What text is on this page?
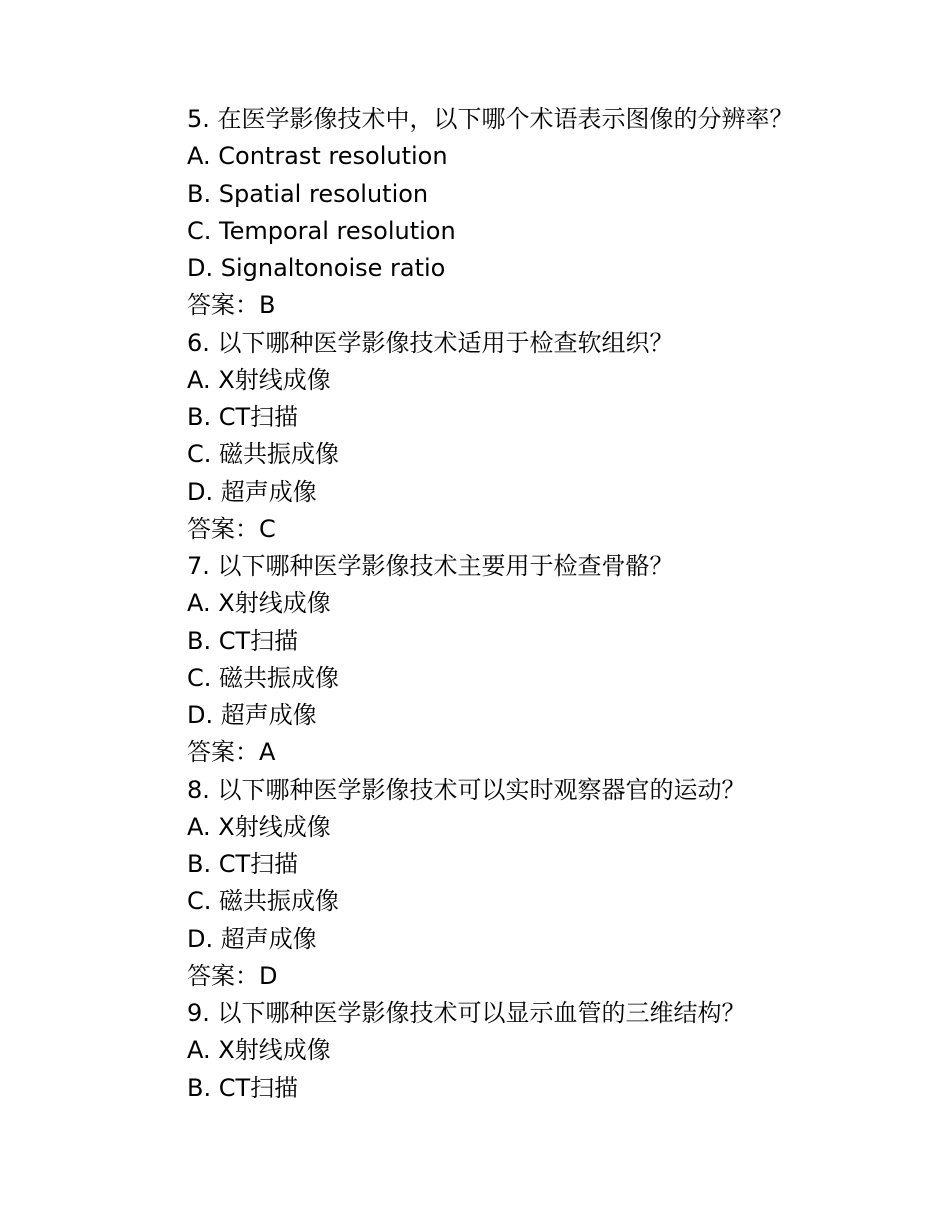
5. 在医学影像技术中，以下哪个术语表示图像的分辨率？
A. Contrast resolution
B. Spatial resolution
C. Temporal resolution
D. Signaltonoise ratio
答案：B
6. 以下哪种医学影像技术适用于检查软组织？
A. X射线成像
B. CT扫描
C. 磁共振成像
D. 超声成像
答案：C
7. 以下哪种医学影像技术主要用于检查骨骼？
A. X射线成像
B. CT扫描
C. 磁共振成像
D. 超声成像
答案：A
8. 以下哪种医学影像技术可以实时观察器官的运动？
A. X射线成像
B. CT扫描
C. 磁共振成像
D. 超声成像
答案：D
9. 以下哪种医学影像技术可以显示血管的三维结构？
A. X射线成像
B. CT扫描
